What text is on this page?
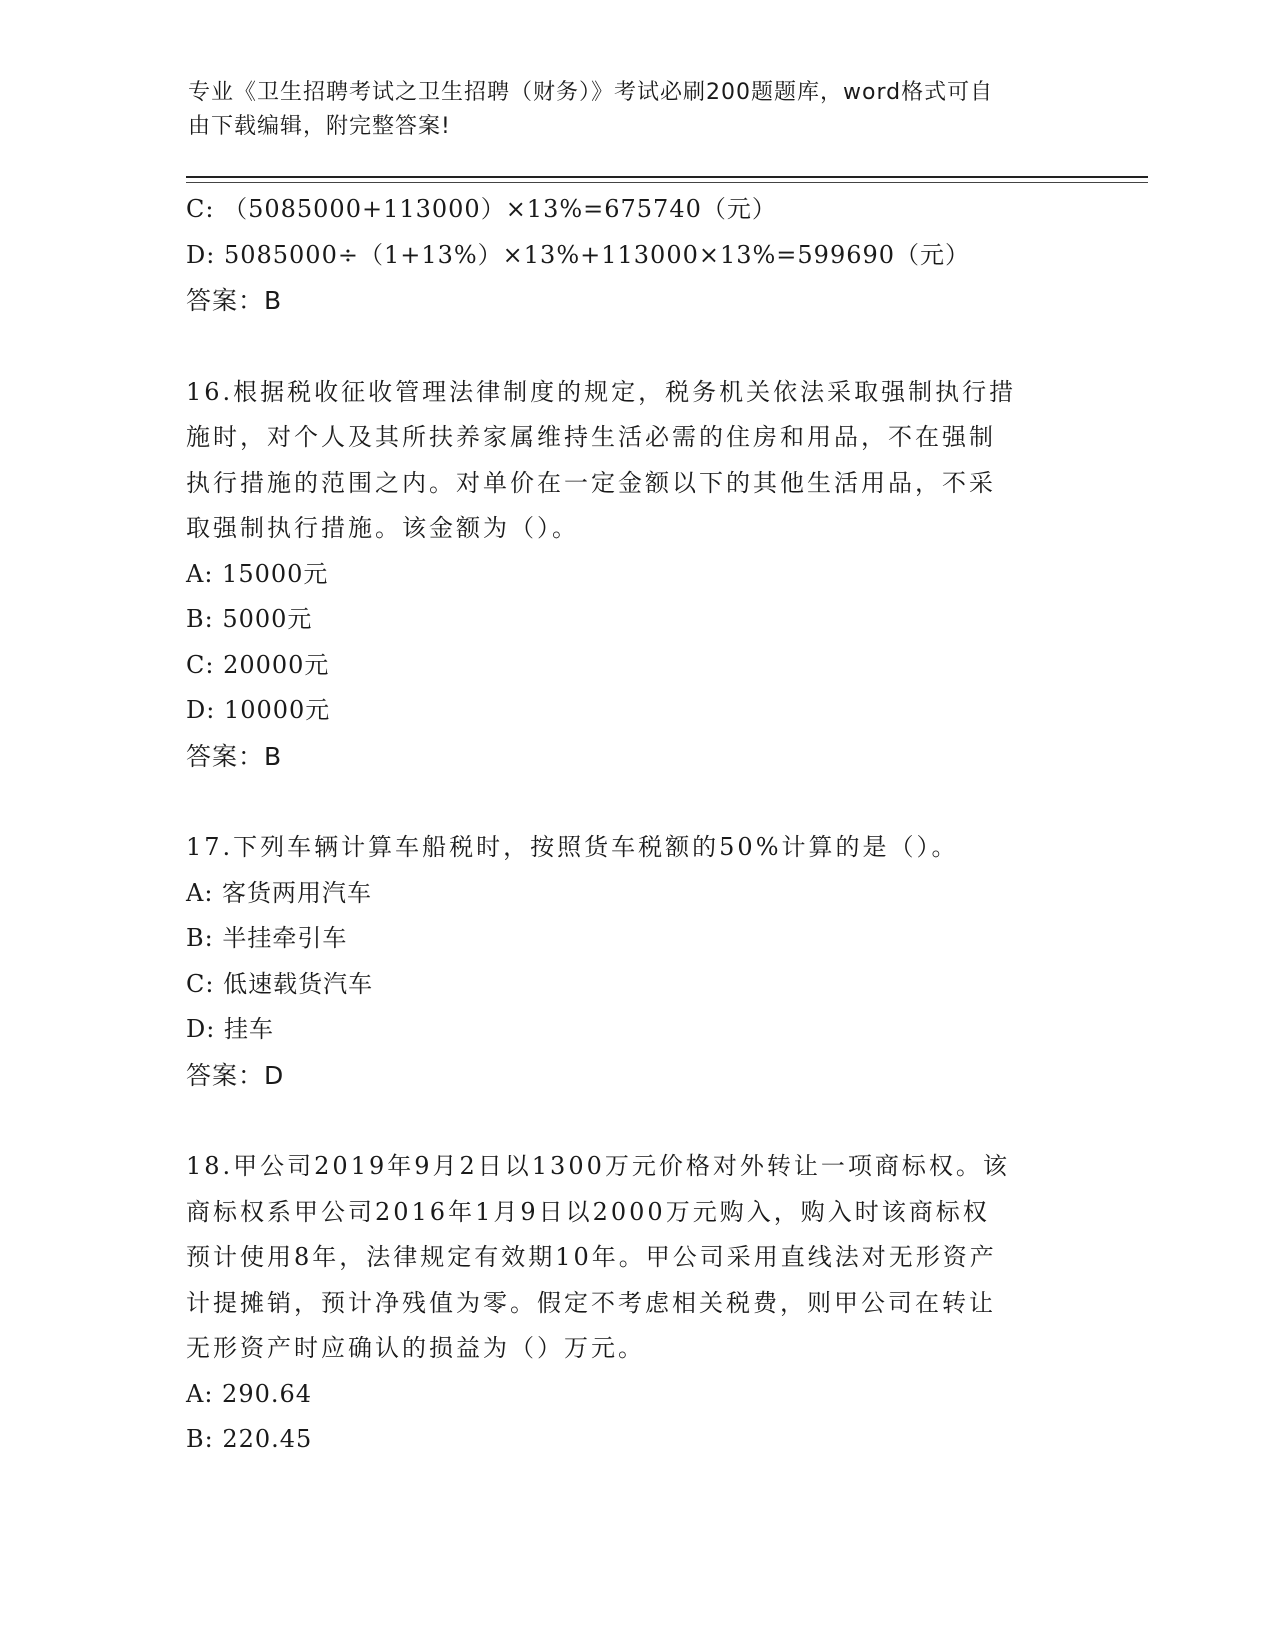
专业《卫生招聘考试之卫生招聘（财务）》考试必刷200题题库，word格式可自
由下载编辑，附完整答案!
C: （5085000+113000）×13%=675740（元）
D: 5085000÷（1+13%）×13%+113000×13%=599690（元）
答案：B
16.根据税收征收管理法律制度的规定，税务机关依法采取强制执行措
施时，对个人及其所扶养家属维持生活必需的住房和用品，不在强制
执行措施的范围之内。对单价在一定金额以下的其他生活用品，不采
取强制执行措施。该金额为（）。
A: 15000元
B: 5000元
C: 20000元
D: 10000元
答案：B
17.下列车辆计算车船税时，按照货车税额的50%计算的是（）。
A: 客货两用汽车
B: 半挂牵引车
C: 低速载货汽车
D: 挂车
答案：D
18.甲公司2019年9月2日以1300万元价格对外转让一项商标权。该
商标权系甲公司2016年1月9日以2000万元购入，购入时该商标权
预计使用8年，法律规定有效期10年。甲公司采用直线法对无形资产
计提摊销，预计净残值为零。假定不考虑相关税费，则甲公司在转让
无形资产时应确认的损益为（）万元。
A: 290.64
B: 220.45
